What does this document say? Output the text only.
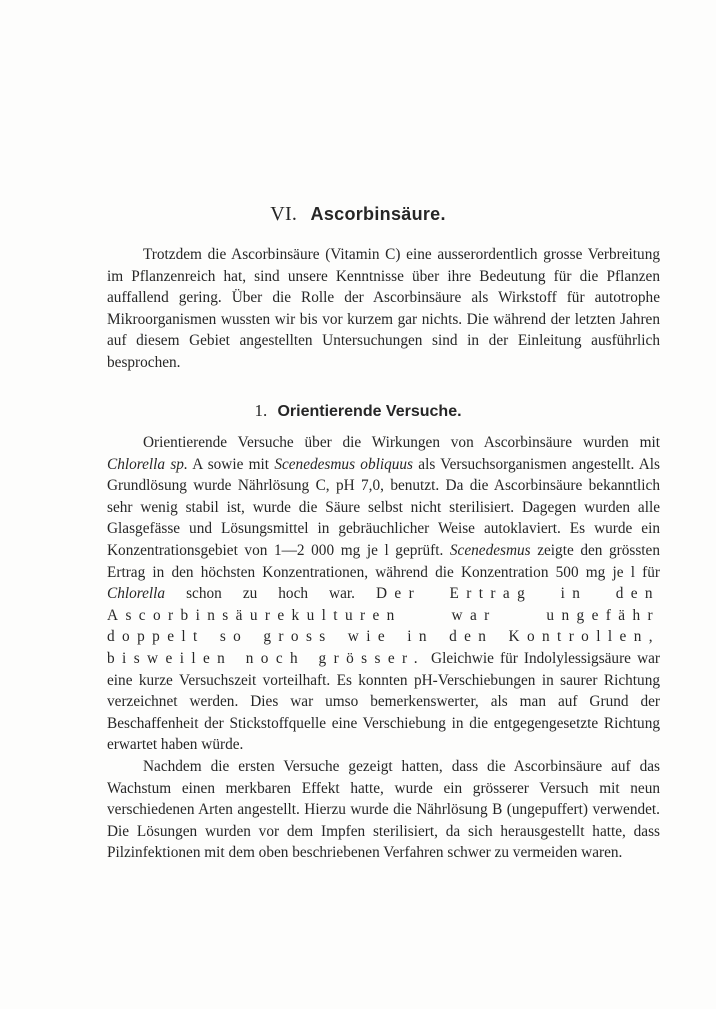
VI. Ascorbinsäure.

Trotzdem die Ascorbinsäure (Vitamin C) eine ausserordentlich grosse Verbreitung im Pflanzenreich hat, sind unsere Kenntnisse über ihre Bedeutung für die Pflanzen auffallend gering. Über die Rolle der Ascorbinsäure als Wirkstoff für autotrophe Mikroorganismen wussten wir bis vor kurzem gar nichts. Die während der letzten Jahren auf diesem Gebiet angestellten Untersuchungen sind in der Einleitung ausführlich besprochen.

1. Orientierende Versuche.

Orientierende Versuche über die Wirkungen von Ascorbinsäure wurden mit Chlorella sp. A sowie mit Scenedesmus obliquus als Versuchsorganismen angestellt. Als Grundlösung wurde Nährlösung C, pH 7,0, benutzt. Da die Ascorbinsäure bekanntlich sehr wenig stabil ist, wurde die Säure selbst nicht sterilisiert. Dagegen wurden alle Glasgefässe und Lösungsmittel in gebräuchlicher Weise autoklaviert. Es wurde ein Konzentrationsgebiet von 1—2 000 mg je l geprüft. Scenedesmus zeigte den grössten Ertrag in den höchsten Konzentrationen, während die Konzentration 500 mg je l für Chlorella schon zu hoch war. Der Ertrag in den Ascorbinsäurekulturen war ungefähr doppelt so gross wie in den Kontrollen, bisweilen noch grösser. Gleichwie für Indolylessigsäure war eine kurze Versuchszeit vorteilhaft. Es konnten pH-Verschiebungen in saurer Richtung verzeichnet werden. Dies war umso bemerkenswerter, als man auf Grund der Beschaffenheit der Stickstoffquelle eine Verschiebung in die entgegengesetzte Richtung erwartet haben würde.

Nachdem die ersten Versuche gezeigt hatten, dass die Ascorbinsäure auf das Wachstum einen merkbaren Effekt hatte, wurde ein grösserer Versuch mit neun verschiedenen Arten angestellt. Hierzu wurde die Nährlösung B (ungepuffert) verwendet. Die Lösungen wurden vor dem Impfen sterilisiert, da sich herausgestellt hatte, dass Pilzinfektionen mit dem oben beschriebenen Verfahren schwer zu vermeiden waren.
